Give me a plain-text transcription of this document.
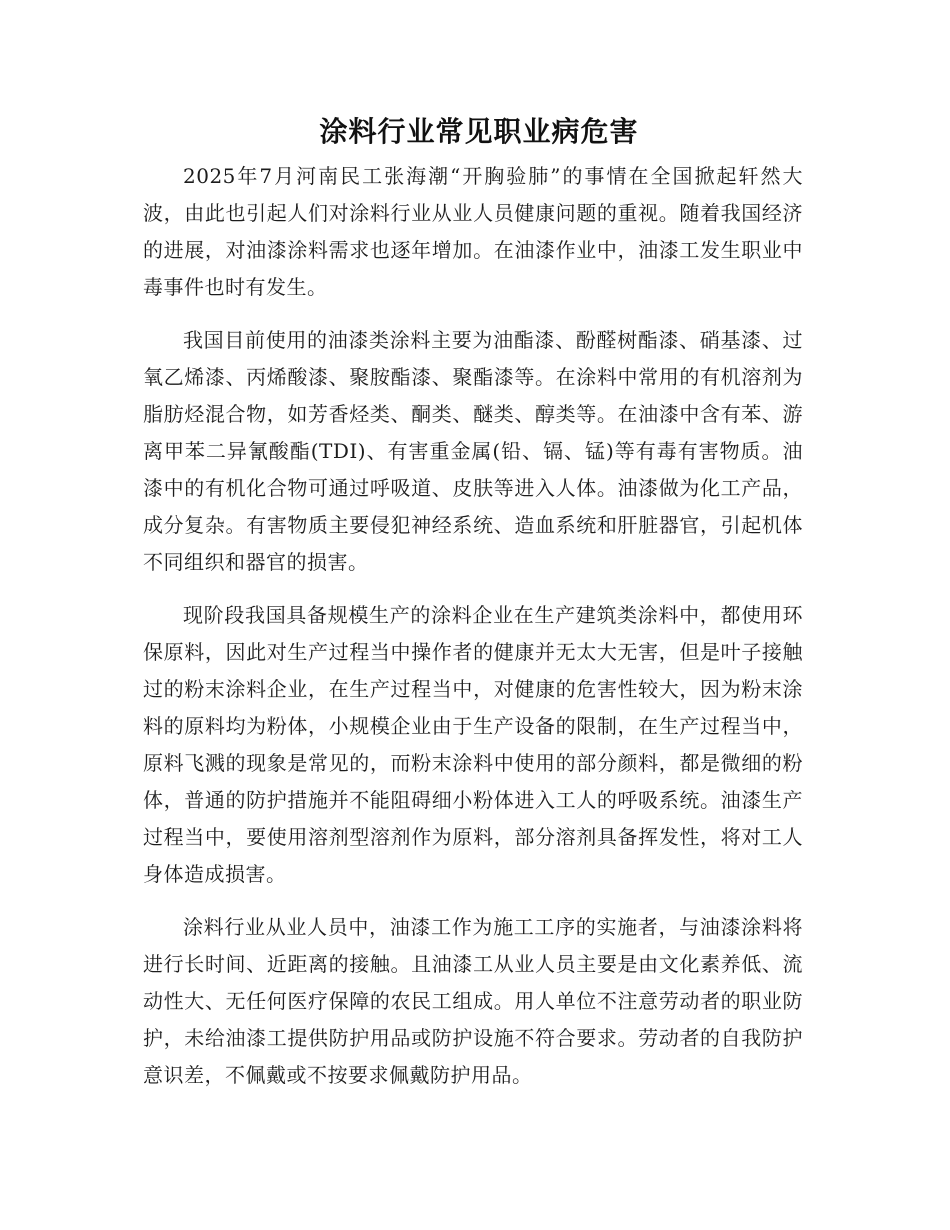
涂料行业常见职业病危害

2025年7月河南民工张海潮“开胸验肺”的事情在全国掀起轩然大波，由此也引起人们对涂料行业从业人员健康问题的重视。随着我国经济的进展，对油漆涂料需求也逐年增加。在油漆作业中，油漆工发生职业中毒事件也时有发生。

我国目前使用的油漆类涂料主要为油酯漆、酚醛树酯漆、硝基漆、过氧乙烯漆、丙烯酸漆、聚胺酯漆、聚酯漆等。在涂料中常用的有机溶剂为脂肪烃混合物，如芳香烃类、酮类、醚类、醇类等。在油漆中含有苯、游离甲苯二异氰酸酯(TDI)、有害重金属(铅、镉、锰)等有毒有害物质。油漆中的有机化合物可通过呼吸道、皮肤等进入人体。油漆做为化工产品，成分复杂。有害物质主要侵犯神经系统、造血系统和肝脏器官，引起机体不同组织和器官的损害。

现阶段我国具备规模生产的涂料企业在生产建筑类涂料中，都使用环保原料，因此对生产过程当中操作者的健康并无太大无害，但是叶子接触过的粉末涂料企业，在生产过程当中，对健康的危害性较大，因为粉末涂料的原料均为粉体，小规模企业由于生产设备的限制，在生产过程当中，原料飞溅的现象是常见的，而粉末涂料中使用的部分颜料，都是微细的粉体，普通的防护措施并不能阻碍细小粉体进入工人的呼吸系统。油漆生产过程当中，要使用溶剂型溶剂作为原料，部分溶剂具备挥发性，将对工人身体造成损害。

涂料行业从业人员中，油漆工作为施工工序的实施者，与油漆涂料将进行长时间、近距离的接触。且油漆工从业人员主要是由文化素养低、流动性大、无任何医疗保障的农民工组成。用人单位不注意劳动者的职业防护，未给油漆工提供防护用品或防护设施不符合要求。劳动者的自我防护意识差，不佩戴或不按要求佩戴防护用品。
